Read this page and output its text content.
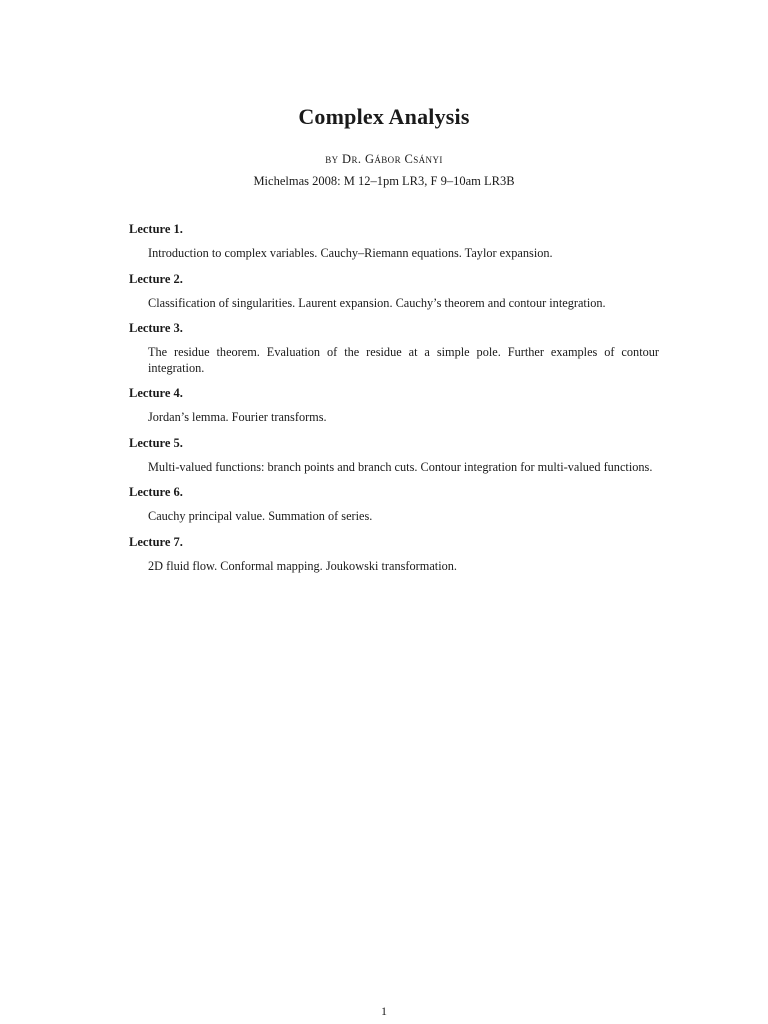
Complex Analysis
by Dr. Gábor Csányi
Michelmas 2008: M 12–1pm LR3, F 9–10am LR3B
Lecture 1.
Introduction to complex variables. Cauchy–Riemann equations. Taylor expansion.
Lecture 2.
Classification of singularities. Laurent expansion. Cauchy’s theorem and contour integration.
Lecture 3.
The residue theorem. Evaluation of the residue at a simple pole. Further examples of contour integration.
Lecture 4.
Jordan’s lemma. Fourier transforms.
Lecture 5.
Multi-valued functions: branch points and branch cuts. Contour integration for multi-valued functions.
Lecture 6.
Cauchy principal value. Summation of series.
Lecture 7.
2D fluid flow. Conformal mapping. Joukowski transformation.
1
